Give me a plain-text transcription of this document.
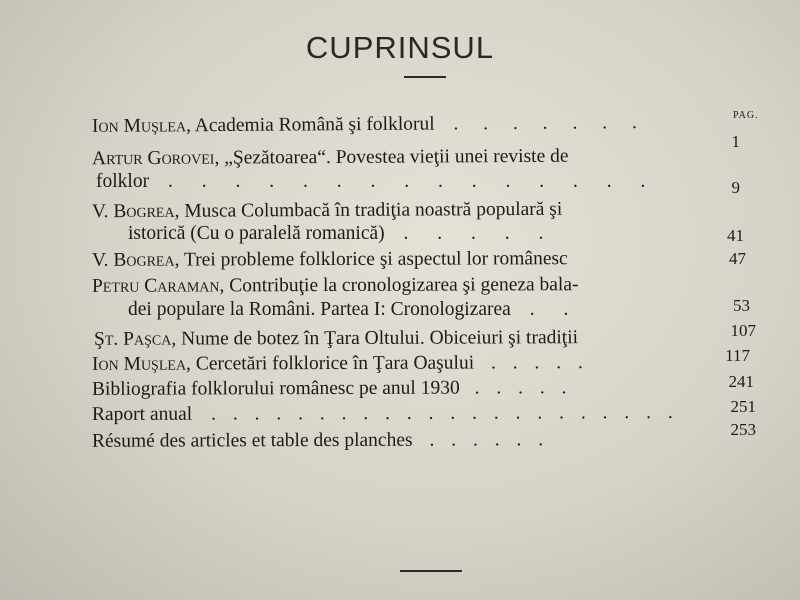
CUPRINSUL
PAG.
Ion Muşlea, Academia Română şi folklorul . . . . . . .
1
Artur Gorovei, „Şezătoarea“. Povestea vieţii unei reviste de
folklor . . . . . . . . . . . . . . .	9
V. Bogrea, Musca Columbacă în tradiţia noastră populară şi
istorică (Cu o paralelă romanică) . . . . .	41
V. Bogrea, Trei probleme folklorice şi aspectul lor românesc	47
Petru Caraman, Contribuţie la cronologizarea şi geneza bala-
dei populare la Români. Partea I: Cronologizarea . .	53
Şt. Paşca, Nume de botez în Ţara Oltului. Obiceiuri şi tradiţii	107
Ion Muşlea, Cercetări folklorice în Ţara Oaşului . . . . .	117
Bibliografia folklorului românesc pe anul 1930 . . . . .	241
Raport anual . . . . . . . . . . . . . . . . . . . . . .	251
Résumé des articles et table des planches . . . . . .	253
